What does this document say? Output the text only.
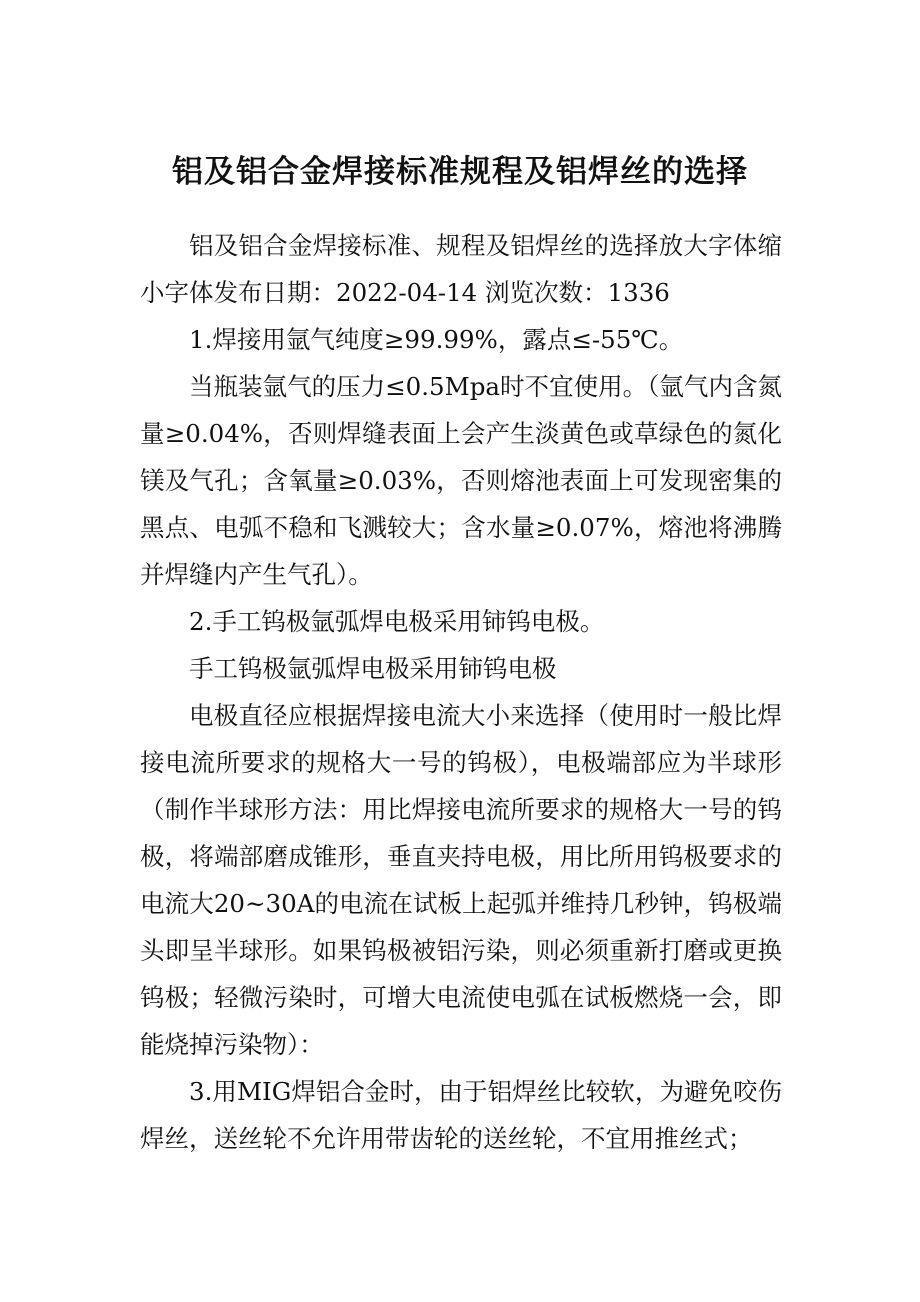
铝及铝合金焊接标准规程及铝焊丝的选择

铝及铝合金焊接标准、规程及铝焊丝的选择放大字体缩小字体发布日期：2022-04-14 浏览次数：1336

1.焊接用氩气纯度≥99.99%，露点≤-55℃。

当瓶装氩气的压力≤0.5Mpa时不宜使用。（氩气内含氮量≥0.04%，否则焊缝表面上会产生淡黄色或草绿色的氮化镁及气孔；含氧量≥0.03%，否则熔池表面上可发现密集的黑点、电弧不稳和飞溅较大；含水量≥0.07%，熔池将沸腾并焊缝内产生气孔）。

2.手工钨极氩弧焊电极采用铈钨电极。

手工钨极氩弧焊电极采用铈钨电极

电极直径应根据焊接电流大小来选择（使用时一般比焊接电流所要求的规格大一号的钨极），电极端部应为半球形（制作半球形方法：用比焊接电流所要求的规格大一号的钨极，将端部磨成锥形，垂直夹持电极，用比所用钨极要求的电流大20~30A的电流在试板上起弧并维持几秒钟，钨极端头即呈半球形。如果钨极被铝污染，则必须重新打磨或更换钨极；轻微污染时，可增大电流使电弧在试板燃烧一会，即能烧掉污染物）：

3.用MIG焊铝合金时，由于铝焊丝比较软，为避免咬伤焊丝，送丝轮不允许用带齿轮的送丝轮，不宜用推丝式；
